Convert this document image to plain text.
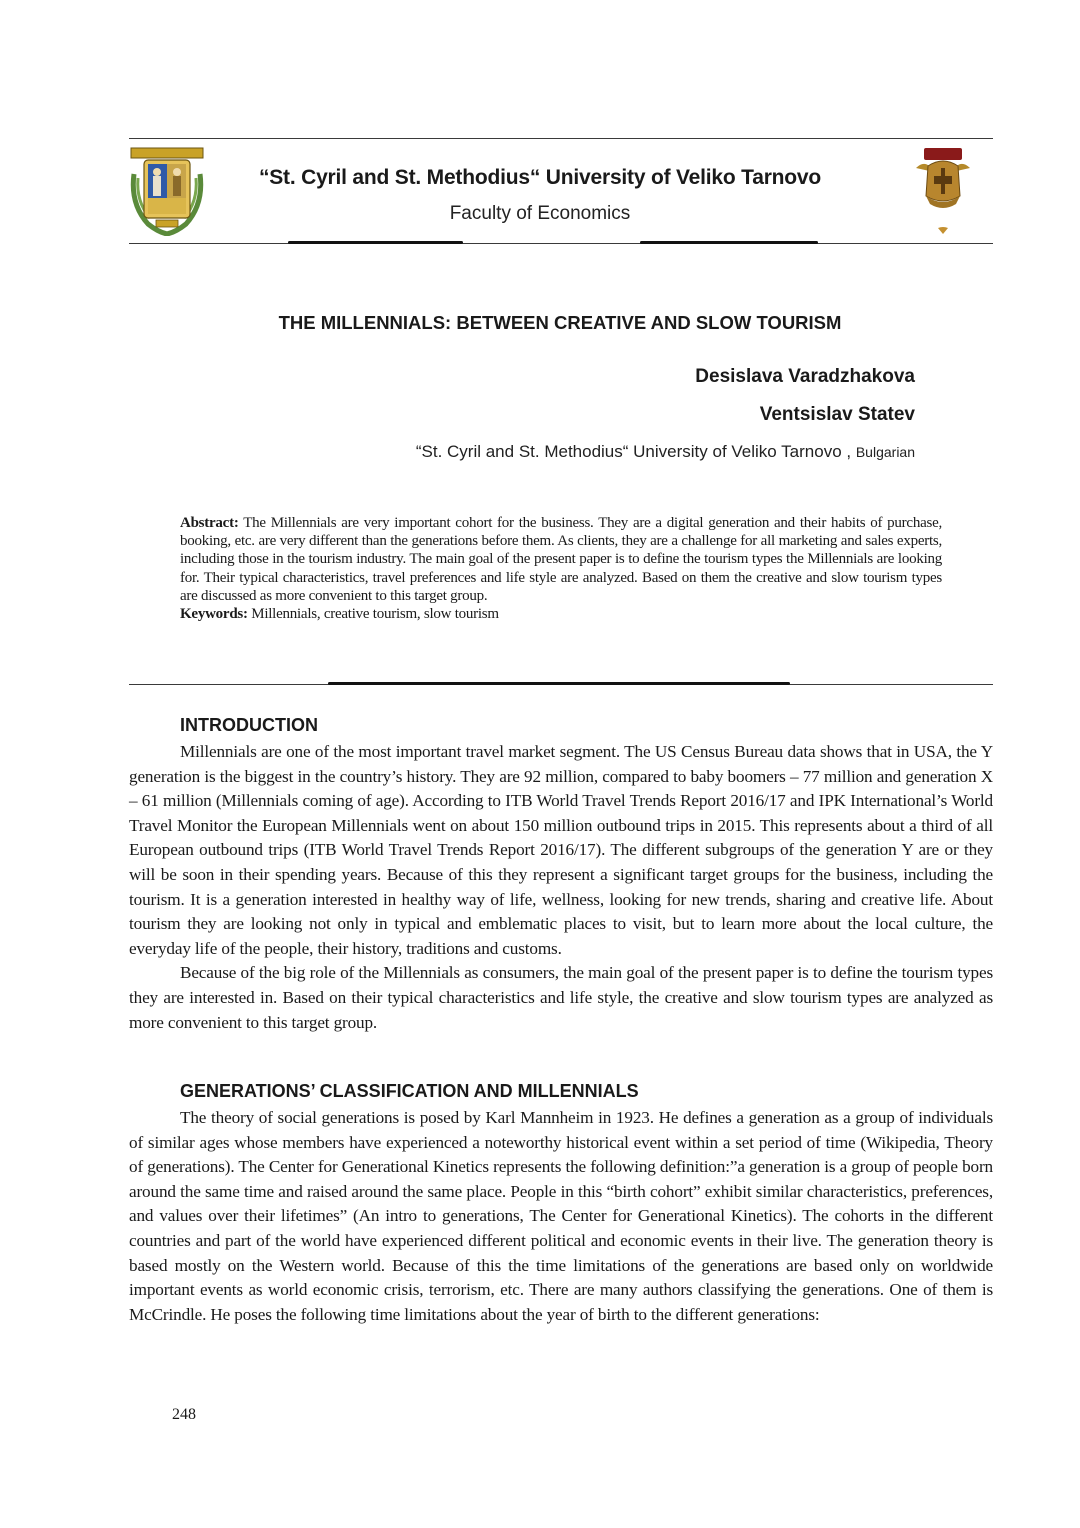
“St. Cyril and St. Methodius“ University of Veliko Tarnovo
Faculty of Economics
THE MILLENNIALS: BETWEEN CREATIVE AND SLOW TOURISM
Desislava Varadzhakova
Ventsislav Statev
“St. Cyril and St. Methodius“ University of Veliko Tarnovo , Bulgarian
Abstract: The Millennials are very important cohort for the business. They are a digital generation and their habits of purchase, booking, etc. are very different than the generations before them. As clients, they are a challenge for all marketing and sales experts, including those in the tourism industry. The main goal of the present paper is to define the tourism types the Millennials are looking for. Their typical characteristics, travel preferences and life style are analyzed. Based on them the creative and slow tourism types are discussed as more convenient to this target group.
Keywords: Millennials, creative tourism, slow tourism
INTRODUCTION

Millennials are one of the most important travel market segment. The US Census Bureau data shows that in USA, the Y generation is the biggest in the country’s history. They are 92 million, compared to baby boomers – 77 million and generation X – 61 million (Millennials coming of age). According to ITB World Travel Trends Report 2016/17 and IPK International’s World Travel Monitor the European Millennials went on about 150 million outbound trips in 2015. This represents about a third of all European outbound trips (ITB World Travel Trends Report 2016/17). The different subgroups of the generation Y are or they will be soon in their spending years. Because of this they represent a significant target groups for the business, including the tourism. It is a generation interested in healthy way of life, wellness, looking for new trends, sharing and creative life. About tourism they are looking not only in typical and emblematic places to visit, but to learn more about the local culture, the everyday life of the people, their history, traditions and customs.

Because of the big role of the Millennials as consumers, the main goal of the present paper is to define the tourism types they are interested in. Based on their typical characteristics and life style, the creative and slow tourism types are analyzed as more convenient to this target group.

GENERATIONS’ CLASSIFICATION AND MILLENNIALS

The theory of social generations is posed by Karl Mannheim in 1923. He defines a generation as a group of individuals of similar ages whose members have experienced a noteworthy historical event within a set period of time (Wikipedia, Theory of generations). The Center for Generational Kinetics represents the following definition:”a generation is a group of people born around the same time and raised around the same place. People in this “birth cohort” exhibit similar characteristics, preferences, and values over their lifetimes” (An intro to generations, The Center for Generational Kinetics). The cohorts in the different countries and part of the world have experienced different political and economic events in their live. The generation theory is based mostly on the Western world. Because of this the time limitations of the generations are based only on worldwide important events as world economic crisis, terrorism, etc. There are many authors classifying the generations. One of them is McCrindle. He poses the following time limitations about the year of birth to the different generations:

248
